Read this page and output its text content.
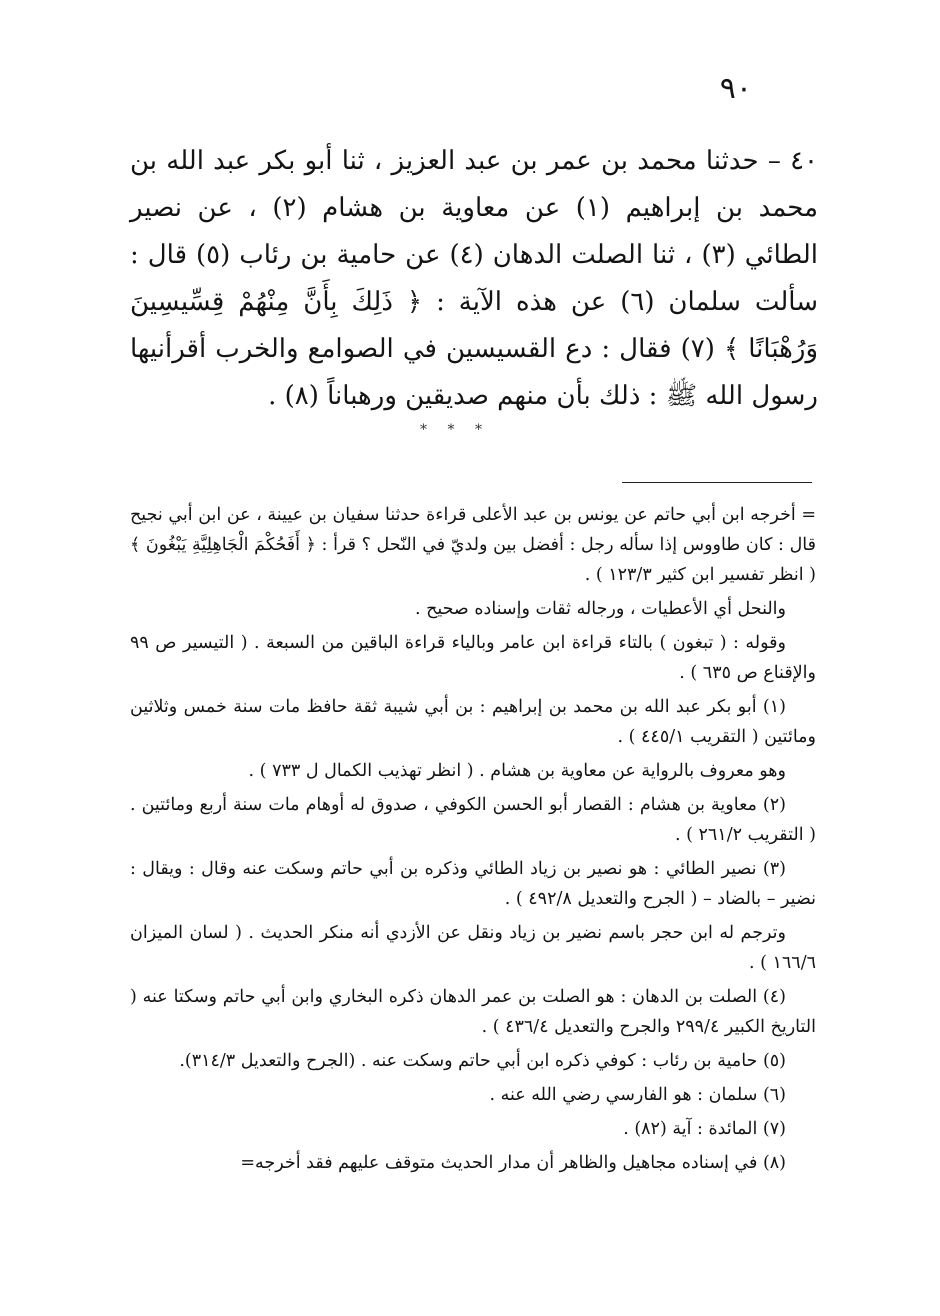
٩٠
٤٠ – حدثنا محمد بن عمر بن عبد العزيز ، ثنا أبو بكر عبد الله بن محمد بن إبراهيم (١) عن معاوية بن هشام (٢) ، عن نصير الطائي (٣) ، ثنا الصلت الدهان (٤) عن حامية بن رئاب (٥) قال : سألت سلمان (٦) عن هذه الآية : ﴿ ذَلِكَ بِأَنَّ مِنْهُمْ قِسِّيسِينَ وَرُهْبَانًا ﴾ (٧) فقال : دع القسيسين في الصوامع والخرب أقرأنيها رسول الله ﷺ : ذلك بأن منهم صديقين ورهباناً (٨) .
* * *

= أخرجه ابن أبي حاتم عن يونس بن عبد الأعلى قراءة حدثنا سفيان بن عيينة ، عن ابن أبي نجيح قال : كان طاووس إذا سأله رجل : أفضل بين ولديّ في النّحل ؟ قرأ : ﴿ أَفَحُكْمَ الْجَاهِلِيَّةِ يَبْغُونَ ﴾ ( انظر تفسير ابن كثير ١٢٣/٣ ) .

والنحل أي الأعطيات ، ورجاله ثقات وإسناده صحيح .

وقوله : ( تبغون ) بالتاء قراءة ابن عامر وبالياء قراءة الباقين من السبعة . ( التيسير ص ٩٩ والإقناع ص ٦٣٥ ) .

(١) أبو بكر عبد الله بن محمد بن إبراهيم : بن أبي شيبة ثقة حافظ مات سنة خمس وثلاثين ومائتين ( التقريب ٤٤٥/١ ) .

وهو معروف بالرواية عن معاوية بن هشام . ( انظر تهذيب الكمال ل ٧٣٣ ) .

(٢) معاوية بن هشام : القصار أبو الحسن الكوفي ، صدوق له أوهام مات سنة أربع ومائتين . ( التقريب ٢٦١/٢ ) .

(٣) نصير الطائي : هو نصير بن زياد الطائي وذكره بن أبي حاتم وسكت عنه وقال : ويقال : نضير – بالضاد – ( الجرح والتعديل ٤٩٢/٨ ) .

وترجم له ابن حجر باسم نضير بن زياد ونقل عن الأزدي أنه منكر الحديث . ( لسان الميزان ١٦٦/٦ ) .

(٤) الصلت بن الدهان : هو الصلت بن عمر الدهان ذكره البخاري وابن أبي حاتم وسكتا عنه ( التاريخ الكبير ٢٩٩/٤ والجرح والتعديل ٤٣٦/٤ ) .

(٥) حامية بن رئاب : كوفي ذكره ابن أبي حاتم وسكت عنه . (الجرح والتعديل ٣١٤/٣).

(٦) سلمان : هو الفارسي رضي الله عنه .

(٧) المائدة : آية (٨٢) .

(٨) في إسناده مجاهيل والظاهر أن مدار الحديث متوقف عليهم فقد أخرجه=
